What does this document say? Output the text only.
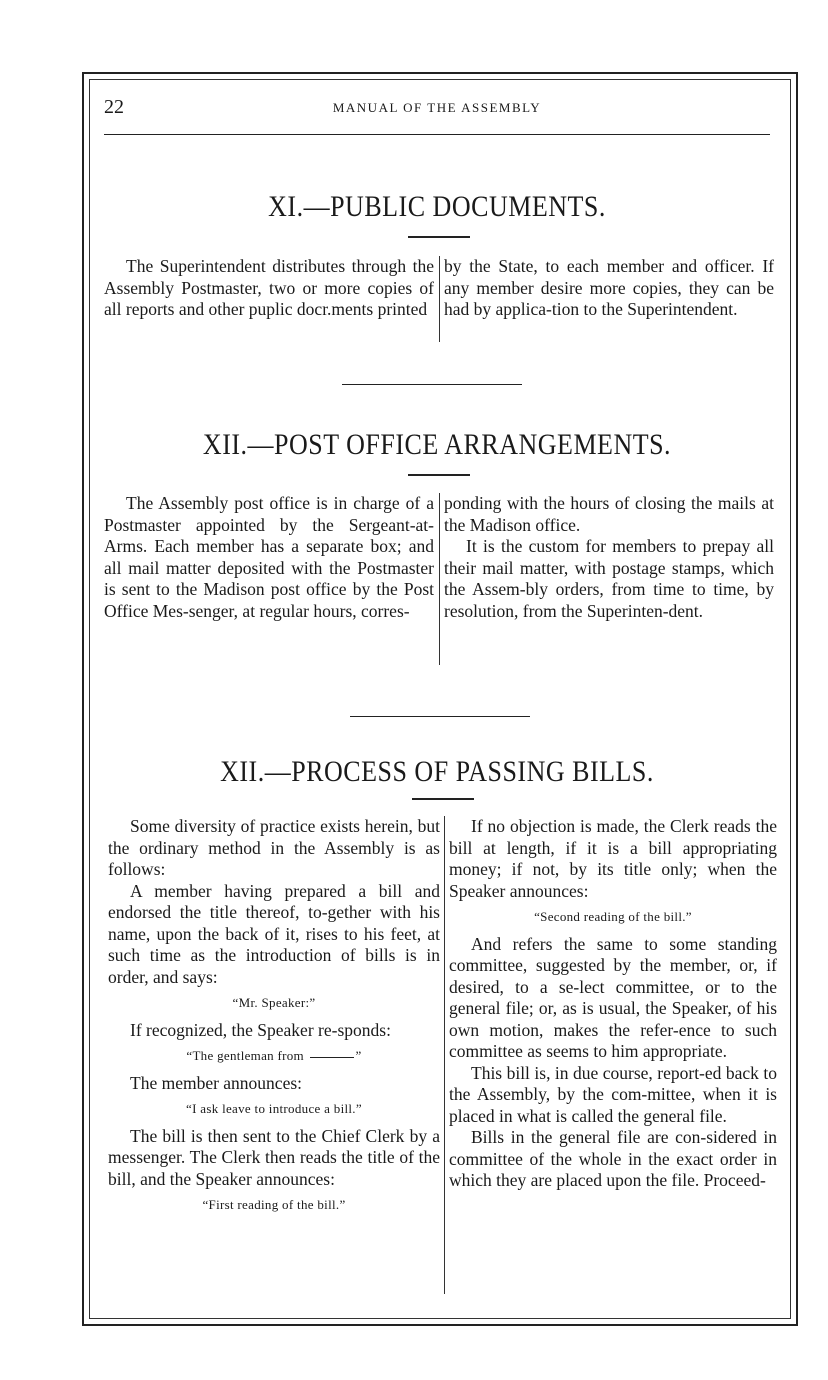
22	MANUAL OF THE ASSEMBLY
XI.—PUBLIC DOCUMENTS.

The Superintendent distributes through the Assembly Postmaster, two or more copies of all reports and other puplic docr.ments printed

by the State, to each member and officer. If any member desire more copies, they can be had by applica-tion to the Superintendent.

XII.—POST OFFICE ARRANGEMENTS.

The Assembly post office is in charge of a Postmaster appointed by the Sergeant-at-Arms. Each member has a separate box; and all mail matter deposited with the Postmaster is sent to the Madison post office by the Post Office Mes-senger, at regular hours, corres-

ponding with the hours of closing the mails at the Madison office.

It is the custom for members to prepay all their mail matter, with postage stamps, which the Assem-bly orders, from time to time, by resolution, from the Superinten-dent.

XII.—PROCESS OF PASSING BILLS.

Some diversity of practice exists herein, but the ordinary method in the Assembly is as follows:

A member having prepared a bill and endorsed the title thereof, to-gether with his name, upon the back of it, rises to his feet, at such time as the introduction of bills is in order, and says:

“Mr. Speaker:”

If recognized, the Speaker re-sponds:

“The gentleman from	”

The member announces:

“I ask leave to introduce a bill.”

The bill is then sent to the Chief Clerk by a messenger. The Clerk then reads the title of the bill, and the Speaker announces:

“First reading of the bill.”

If no objection is made, the Clerk reads the bill at length, if it is a bill appropriating money; if not, by its title only; when the Speaker announces:

“Second reading of the bill.”

And refers the same to some standing committee, suggested by the member, or, if desired, to a se-lect committee, or to the general file; or, as is usual, the Speaker, of his own motion, makes the refer-ence to such committee as seems to him appropriate.

This bill is, in due course, report-ed back to the Assembly, by the com-mittee, when it is placed in what is called the general file.

Bills in the general file are con-sidered in committee of the whole in the exact order in which they are placed upon the file. Proceed-
